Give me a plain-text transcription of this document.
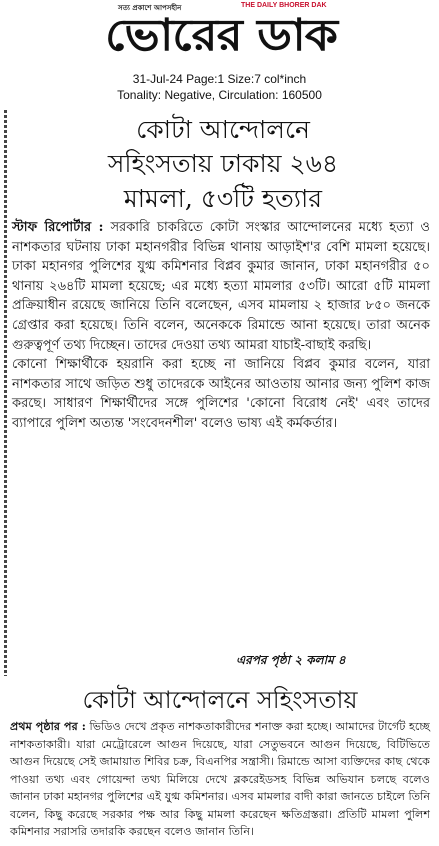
সত্য প্রকাশে আপসহীন	THE DAILY BHORER DAK
ভোরের ডাক
31-Jul-24 Page:1 Size:7 col*inch
Tonality: Negative, Circulation: 160500
কোটা আন্দোলনে
সহিংসতায় ঢাকায় ২৬৪
মামলা, ৫৩টি হত্যার

স্টাফ রিপোর্টার : সরকারি চাকরিতে কোটা সংস্কার আন্দোলনের মধ্যে হত্যা ও নাশকতার ঘটনায় ঢাকা মহানগরীর বিভিন্ন থানায় আড়াইশ'র বেশি মামলা হয়েছে। ঢাকা মহানগর পুলিশের যুগ্ম কমিশনার বিপ্লব কুমার জানান, ঢাকা মহানগরীর ৫০ থানায় ২৬৪টি মামলা হয়েছে; এর মধ্যে হত্যা মামলার ৫৩টি। আরো ৫টি মামলা প্রক্রিয়াধীন রয়েছে জানিয়ে তিনি বলেছেন, এসব মামলায় ২ হাজার ৮৫০ জনকে গ্রেপ্তার করা হয়েছে। তিনি বলেন, অনেককে রিমান্ডে আনা হয়েছে। তারা অনেক গুরুত্বপূর্ণ তথ্য দিচ্ছেন। তাদের দেওয়া তথ্য আমরা যাচাই-বাছাই করছি।

কোনো শিক্ষার্থীকে হয়রানি করা হচ্ছে না জানিয়ে বিপ্লব কুমার বলেন, যারা নাশকতার সাথে জড়িত শুধু তাদেরকে আইনের আওতায় আনার জন্য পুলিশ কাজ করছে। সাধারণ শিক্ষার্থীদের সঙ্গে পুলিশের 'কোনো বিরোধ নেই' এবং তাদের ব্যাপারে পুলিশ অত্যন্ত 'সংবেদনশীল' বলেও ভাষ্য এই কর্মকর্তার।

এরপর পৃষ্ঠা ২ কলাম ৪
কোটা আন্দোলনে সহিংসতায়
প্রথম পৃষ্ঠার পর : ভিডিও দেখে প্রকৃত নাশকতাকারীদের শনাক্ত করা হচ্ছে। আমাদের টার্গেট হচ্ছে নাশকতাকারী। যারা মেট্রোরেলে আগুন দিয়েছে, যারা সেতুভবনে আগুন দিয়েছে, বিটিভিতে আগুন দিয়েছে সেই জামায়াত শিবির চক্র, বিএনপির সন্ত্রাসী। রিমান্ডে আসা ব্যক্তিদের কাছ থেকে পাওয়া তথ্য এবং গোয়েন্দা তথ্য মিলিয়ে দেখে ব্লকরেইডসহ বিভিন্ন অভিযান চলছে বলেও জানান ঢাকা মহানগর পুলিশের এই যুগ্ম কমিশনার। এসব মামলার বাদী কারা জানতে চাইলে তিনি বলেন, কিছু করেছে সরকার পক্ষ আর কিছু মামলা করেছেন ক্ষতিগ্রস্তরা। প্রতিটি মামলা পুলিশ কমিশনার সরাসরি তদারকি করছেন বলেও জানান তিনি।
